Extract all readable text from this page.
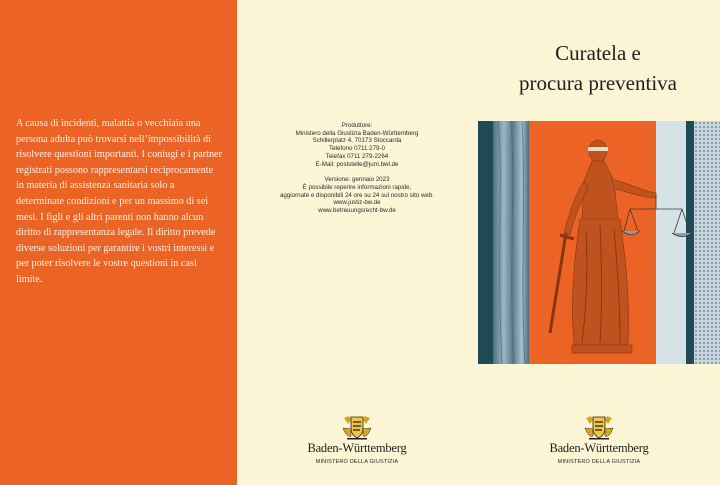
A causa di incidenti, malattia o vecchiaia una persona adulta può trovarsi nell’impossibilità di risolvere questioni importanti. I coniugi e i partner registrati possono rappresentarsi reciprocamente in materia di assistenza sanitaria solo a determinate condizioni e per un massimo di sei mesi. I figli e gli altri parenti non hanno alcun diritto di rappresentanza legale. Il diritto prevede diverse soluzioni per garantire i vostri interessi e per poter risolvere le vostre questioni in casi limite.
Produttore:
Ministero della Giustizia Baden-Württemberg
Schillerplatz 4, 70173 Stoccarda
Telefono 0711 279-0
Telefax 0711 279-2264
E-Mail: poststelle@jum.bwl.de
Versione: gennaio 2023
È possibile reperire informazioni rapide,
aggiornate e disponibili 24 ore su 24 sul nostro sito web.
www.justiz-bw.de
www.betreuungsrecht-bw.de
Curatela e
procura preventiva
Baden-Württemberg
MINISTERO DELLA GIUSTIZIA
Baden-Württemberg
MINISTERO DELLA GIUSTIZIA
